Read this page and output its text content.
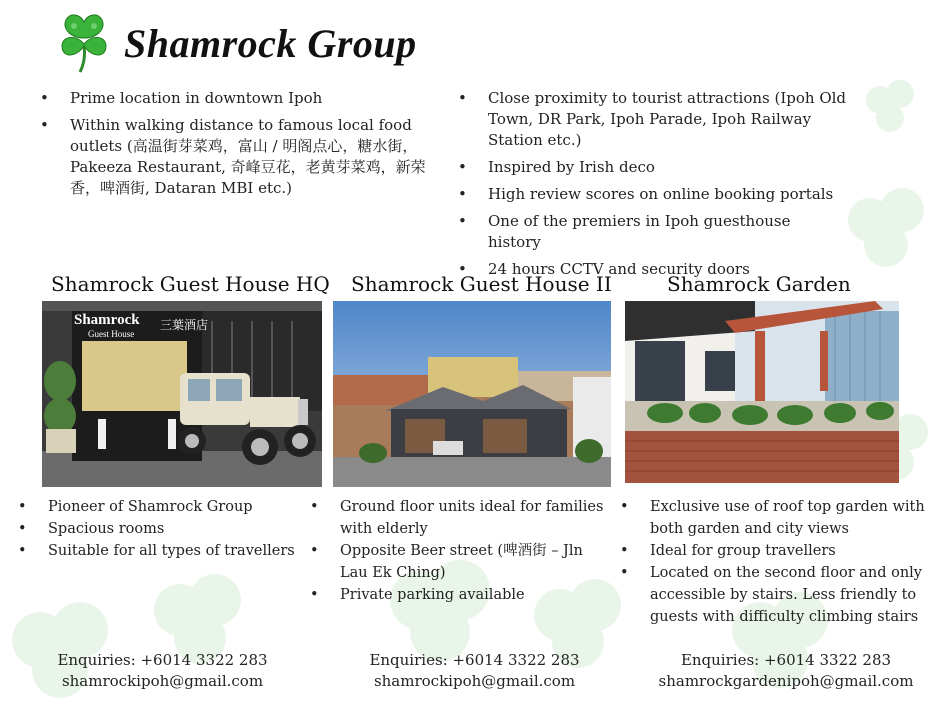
Shamrock Group
• Prime location in downtown Ipoh
• Within walking distance to famous local food outlets (高温街芽菜鸡，富山 / 明阁点心，糖水街，Pakeeza Restaurant, 奇峰豆花，老黄芽菜鸡，新荣香，啤酒街, Dataran MBI etc.)
• Close proximity to tourist attractions (Ipoh Old Town, DR Park, Ipoh Parade, Ipoh Railway Station etc.)
• Inspired by Irish deco
• High review scores on online booking portals
• One of the premiers in Ipoh guesthouse history
• 24 hours CCTV and security doors
Shamrock Guest House HQ Shamrock Guest House II	Shamrock Garden
Shamrock
Guest House
三葉酒店
• Pioneer of Shamrock Group
• Spacious rooms
• Suitable for all types of travellers
• Ground floor units ideal for families with elderly
• Opposite Beer street (啤酒街 – Jln Lau Ek Ching)
• Private parking available
• Exclusive use of roof top garden with both garden and city views
• Ideal for group travellers
• Located on the second floor and only accessible by stairs. Less friendly to guests with difficulty climbing stairs
Enquiries: +6014 3322 283
shamrockipoh@gmail.com
Enquiries: +6014 3322 283
shamrockipoh@gmail.com
Enquiries: +6014 3322 283
shamrockgardenipoh@gmail.com
